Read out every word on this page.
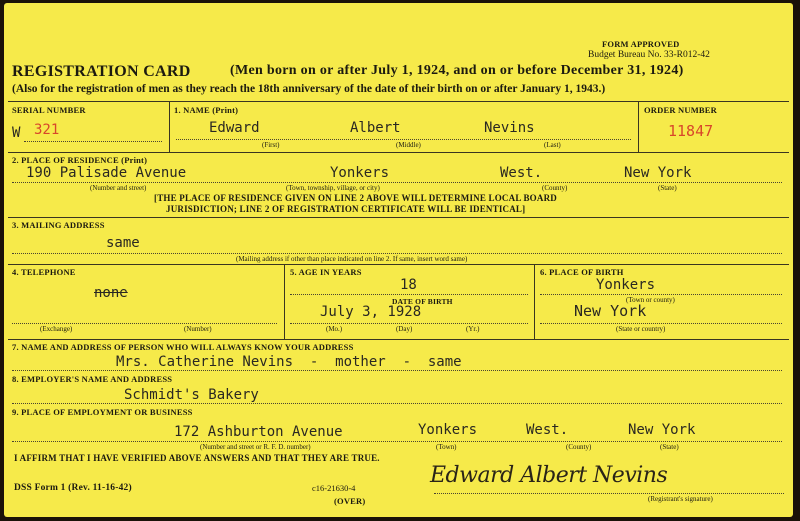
FORM APPROVED
Budget Bureau No. 33-R012-42
REGISTRATION CARD	(Men born on or after July 1, 1924, and on or before December 31, 1924)
(Also for the registration of men as they reach the 18th anniversary of the date of their birth on or after January 1, 1943.)
SERIAL NUMBER
W 321
1. NAME (Print)
Edward	Albert	Nevins
(First)	(Middle)	(Last)
ORDER NUMBER
11847
2. PLACE OF RESIDENCE (Print)
190 Palisade Avenue	Yonkers	West.	New York
(Number and street)	(Town, township, village, or city)	(County)	(State)
[THE PLACE OF RESIDENCE GIVEN ON LINE 2 ABOVE WILL DETERMINE LOCAL BOARD
JURISDICTION; LINE 2 OF REGISTRATION CERTIFICATE WILL BE IDENTICAL]
3. MAILING ADDRESS
same
(Mailing address if other than place indicated on line 2. If same, insert word same)
4. TELEPHONE
none
(Exchange)	(Number)
5. AGE IN YEARS
18
DATE OF BIRTH
July 3, 1928
(Mo.)	(Day)	(Yr.)
6. PLACE OF BIRTH
Yonkers
(Town or county)
New York
(State or country)
7. NAME AND ADDRESS OF PERSON WHO WILL ALWAYS KNOW YOUR ADDRESS
Mrs. Catherine Nevins  -  mother  -  same
8. EMPLOYER'S NAME AND ADDRESS
Schmidt's Bakery
9. PLACE OF EMPLOYMENT OR BUSINESS
172 Ashburton Avenue	Yonkers	West.	New York
(Number and street or R. F. D. number)	(Town)	(County)	(State)
I AFFIRM THAT I HAVE VERIFIED ABOVE ANSWERS AND THAT THEY ARE TRUE.
Edward Albert Nevins
(Registrant's signature)
DSS Form 1 (Rev. 11-16-42)	c16-21630-4
(OVER)
